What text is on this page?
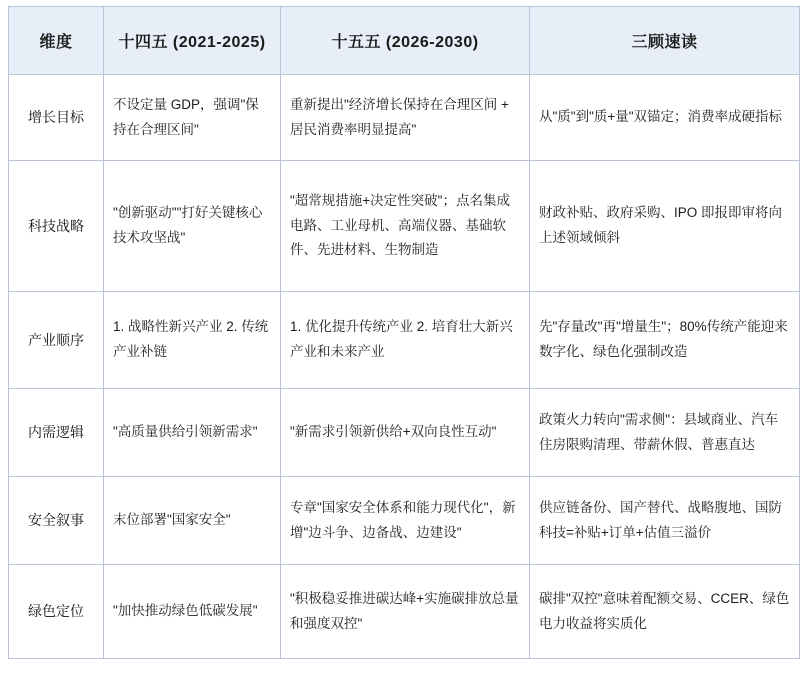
维度	十四五 (2021-2025)	十五五 (2026-2030)	三顾速读
增长目标	不设定量 GDP，强调"保持在合理区间"	重新提出"经济增长保持在合理区间 + 居民消费率明显提高"	从"质"到"质+量"双锚定；消费率成硬指标
科技战略	"创新驱动""打好关键核心技术攻坚战"	"超常规措施+决定性突破"；点名集成电路、工业母机、高端仪器、基础软件、先进材料、生物制造	财政补贴、政府采购、IPO 即报即审将向上述领域倾斜
产业顺序	1. 战略性新兴产业 2. 传统产业补链	1. 优化提升传统产业 2. 培育壮大新兴产业和未来产业	先"存量改"再"增量生"；80%传统产能迎来数字化、绿色化强制改造
内需逻辑	"高质量供给引领新需求"	"新需求引领新供给+双向良性互动"	政策火力转向"需求侧"：县域商业、汽车住房限购清理、带薪休假、普惠直达
安全叙事	末位部署"国家安全"	专章"国家安全体系和能力现代化"，新增"边斗争、边备战、边建设"	供应链备份、国产替代、战略腹地、国防科技=补贴+订单+估值三溢价
绿色定位	"加快推动绿色低碳发展"	"积极稳妥推进碳达峰+实施碳排放总量和强度双控"	碳排"双控"意味着配额交易、CCER、绿色电力收益将实质化
